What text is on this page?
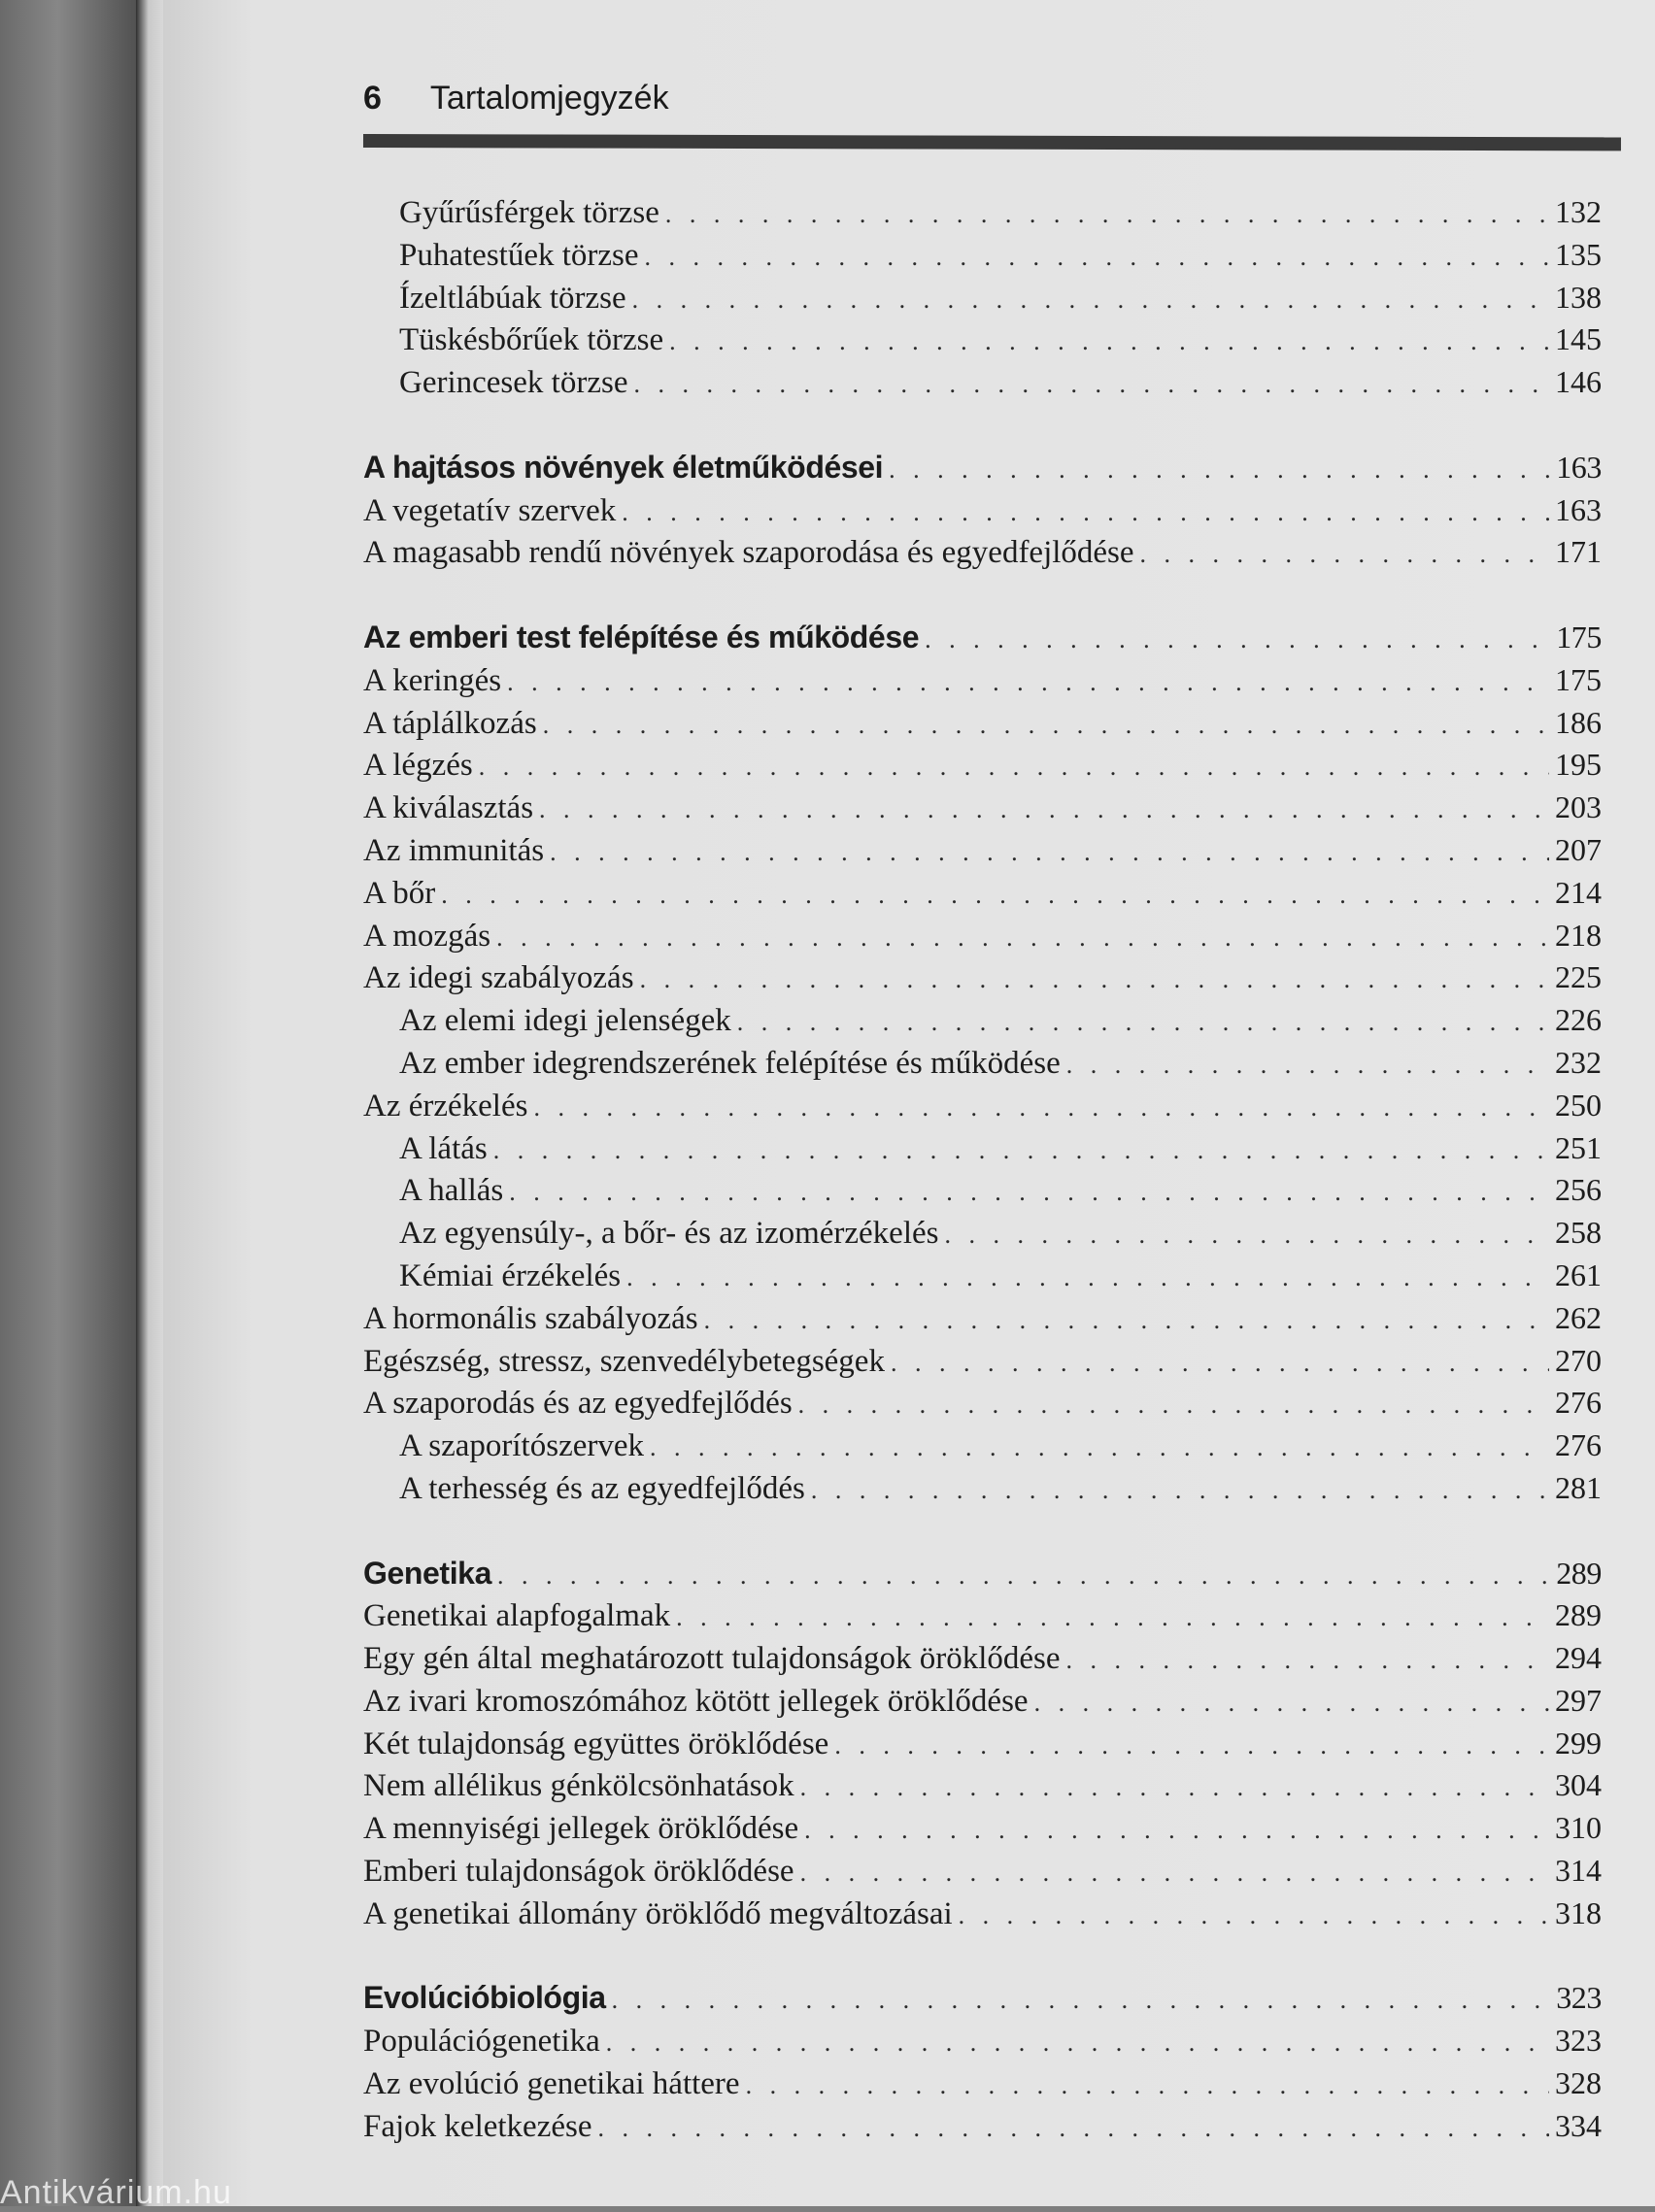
6 Tartalomjegyzék
Gyűrűsférgek törzse . . .	132
Puhatestűek törzse . . .	135
Ízeltlábúak törzse . . .	138
Tüskésbőrűek törzse . . .	145
Gerincesek törzse . . .	146
A hajtásos növények életműködései . . .	163
A vegetatív szervek . . .	163
A magasabb rendű növények szaporodása és egyedfejlődése . . .	171
Az emberi test felépítése és működése . . .	175
A keringés . . .	175
A táplálkozás . . .	186
A légzés . . .	195
A kiválasztás . . .	203
Az immunitás . . .	207
A bőr . . .	214
A mozgás . . .	218
Az idegi szabályozás . . .	225
Az elemi idegi jelenségek . . .	226
Az ember idegrendszerének felépítése és működése . . .	232
Az érzékelés . . .	250
A látás . . .	251
A hallás . . .	256
Az egyensúly-, a bőr- és az izomérzékelés . . .	258
Kémiai érzékelés . . .	261
A hormonális szabályozás . . .	262
Egészség, stressz, szenvedélybetegségek . . .	270
A szaporodás és az egyedfejlődés . . .	276
A szaporítószervek . . .	276
A terhesség és az egyedfejlődés . . .	281
Genetika . . .	289
Genetikai alapfogalmak . . .	289
Egy gén által meghatározott tulajdonságok öröklődése . . .	294
Az ivari kromoszómához kötött jellegek öröklődése . . .	297
Két tulajdonság együttes öröklődése . . .	299
Nem allélikus génkölcsönhatások . . .	304
A mennyiségi jellegek öröklődése . . .	310
Emberi tulajdonságok öröklődése . . .	314
A genetikai állomány öröklődő megváltozásai . . .	318
Evolúcióbiológia . . .	323
Populációgenetika . . .	323
Az evolúció genetikai háttere . . .	328
Fajok keletkezése . . .	334
Antikvárium.hu
